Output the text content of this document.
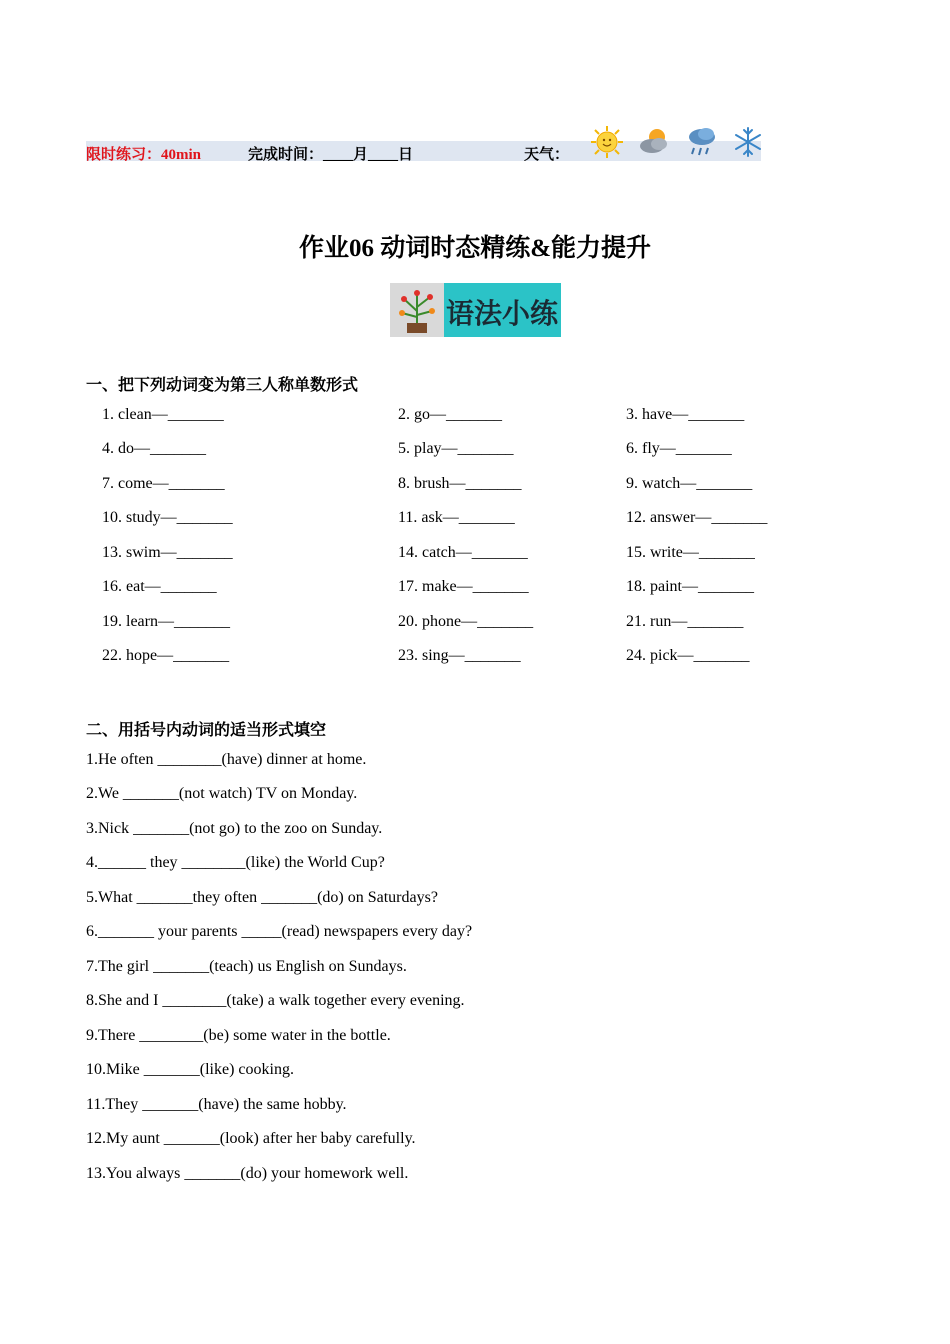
限时练习：40min	完成时间：____月____日	天气：
作业06 动词时态精练&能力提升
语法小练
一、把下列动词变为第三人称单数形式
1. clean—_______	2. go—_______	3. have—_______
4. do—_______	5. play—_______	6. fly—_______
7. come—_______	8. brush—_______	9. watch—_______
10. study—_______	11. ask—_______	12. answer—_______
13. swim—_______	14. catch—_______	15. write—_______
16. eat—_______	17. make—_______	18. paint—_______
19. learn—_______	20. phone—_______	21. run—_______
22. hope—_______	23. sing—_______	24. pick—_______
二、用括号内动词的适当形式填空
1.He often ________(have) dinner at home.
2.We _______(not watch) TV on Monday.
3.Nick _______(not go) to the zoo on Sunday.
4.______ they ________(like) the World Cup?
5.What _______they often _______(do) on Saturdays?
6._______ your parents _____(read) newspapers every day?
7.The girl _______(teach) us English on Sundays.
8.She and I ________(take) a walk together every evening.
9.There ________(be) some water in the bottle.
10.Mike _______(like) cooking.
11.They _______(have) the same hobby.
12.My aunt _______(look) after her baby carefully.
13.You always _______(do) your homework well.
